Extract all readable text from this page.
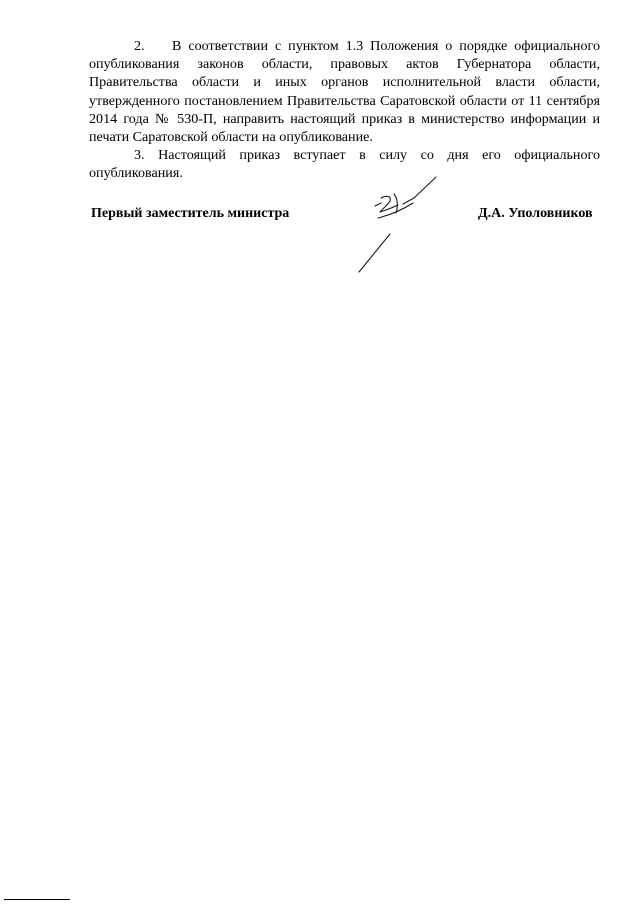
2. В соответствии с пунктом 1.3 Положения о порядке официального опубликования законов области, правовых актов Губернатора области, Правительства области и иных органов исполнительной власти области, утвержденного постановлением Правительства Саратовской области от 11 сентября 2014 года № 530-П, направить настоящий приказ в министерство информации и печати Саратовской области на опубликование.

3. Настоящий приказ вступает в силу со дня его официального опубликования.

Первый заместитель министра	Д.А. Уполовников
